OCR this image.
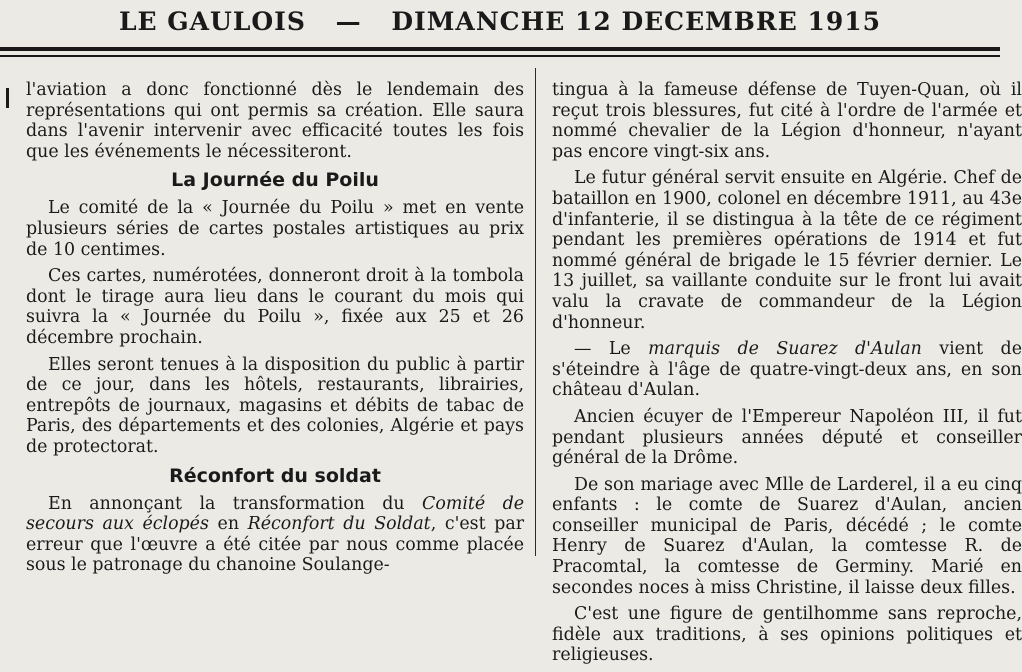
LE GAULOIS — DIMANCHE 12 DECEMBRE 1915

l'aviation a donc fonctionné dès le lendemain des représentations qui ont permis sa création. Elle saura dans l'avenir intervenir avec efficacité toutes les fois que les événements le nécessiteront.

La Journée du Poilu

Le comité de la « Journée du Poilu » met en vente plusieurs séries de cartes postales artistiques au prix de 10 centimes.

Ces cartes, numérotées, donneront droit à la tombola dont le tirage aura lieu dans le courant du mois qui suivra la « Journée du Poilu », fixée aux 25 et 26 décembre prochain.

Elles seront tenues à la disposition du public à partir de ce jour, dans les hôtels, restaurants, librairies, entrepôts de journaux, magasins et débits de tabac de Paris, des départements et des colonies, Algérie et pays de protectorat.

Réconfort du soldat

En annonçant la transformation du Comité de secours aux éclopés en Réconfort du Soldat, c'est par erreur que l'œuvre a été citée par nous comme placée sous le patronage du chanoine Soulange-

tingua à la fameuse défense de Tuyen-Quan, où il reçut trois blessures, fut cité à l'ordre de l'armée et nommé chevalier de la Légion d'honneur, n'ayant pas encore vingt-six ans.

Le futur général servit ensuite en Algérie. Chef de bataillon en 1900, colonel en décembre 1911, au 43e d'infanterie, il se distingua à la tête de ce régiment pendant les premières opérations de 1914 et fut nommé général de brigade le 15 février dernier. Le 13 juillet, sa vaillante conduite sur le front lui avait valu la cravate de commandeur de la Légion d'honneur.

— Le marquis de Suarez d'Aulan vient de s'éteindre à l'âge de quatre-vingt-deux ans, en son château d'Aulan.

Ancien écuyer de l'Empereur Napoléon III, il fut pendant plusieurs années député et conseiller général de la Drôme.

De son mariage avec Mlle de Larderel, il a eu cinq enfants : le comte de Suarez d'Aulan, ancien conseiller municipal de Paris, décédé ; le comte Henry de Suarez d'Aulan, la comtesse R. de Pracomtal, la comtesse de Germiny. Marié en secondes noces à miss Christine, il laisse deux filles.

C'est une figure de gentilhomme sans reproche, fidèle aux traditions, à ses opinions politiques et religieuses.
